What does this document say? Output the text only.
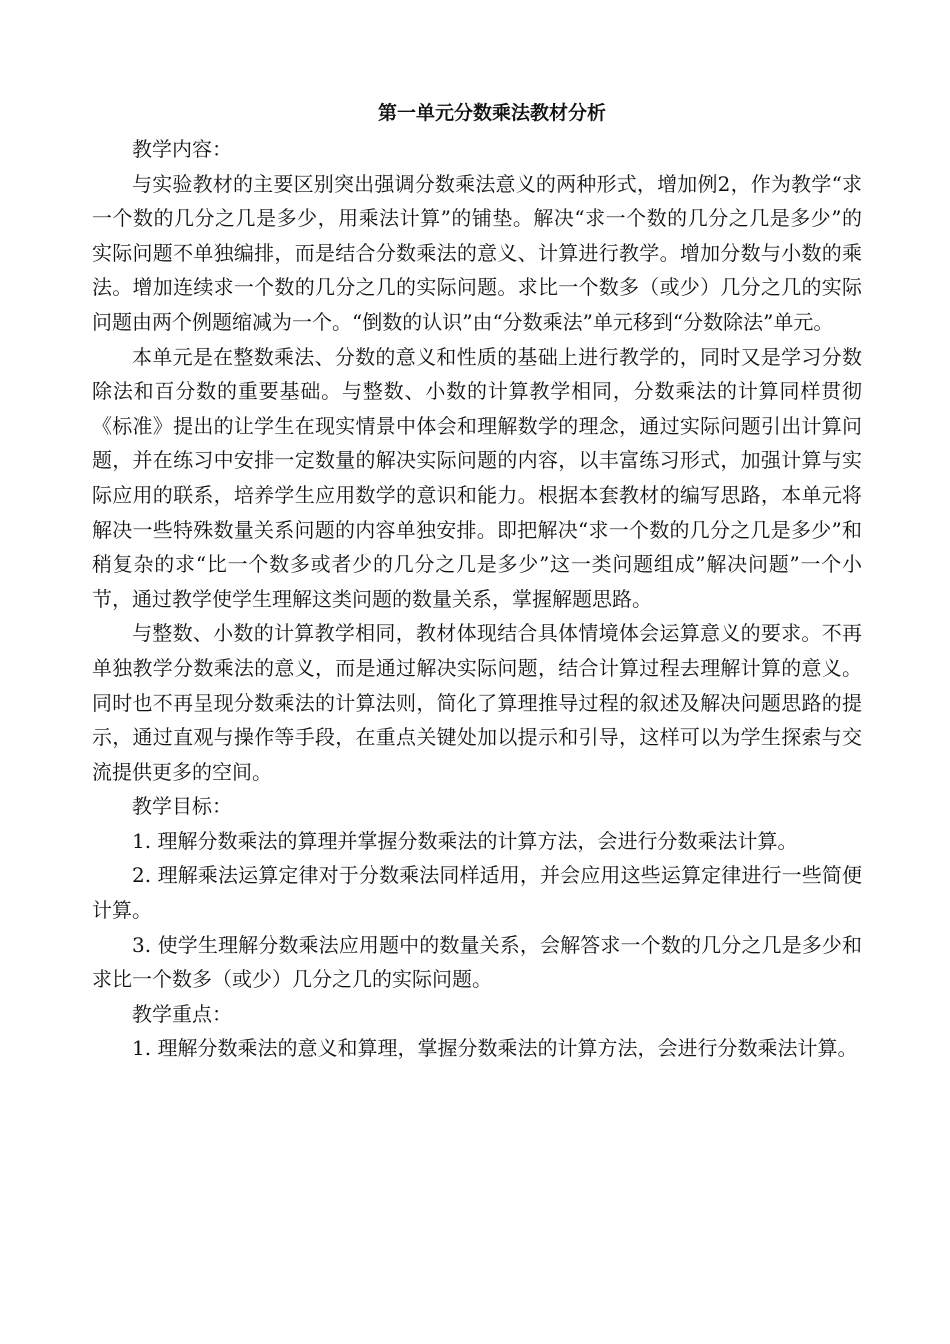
第一单元分数乘法教材分析

教学内容：

与实验教材的主要区别突出强调分数乘法意义的两种形式，增加例2，作为教学“求一个数的几分之几是多少，用乘法计算”的铺垫。解决“求一个数的几分之几是多少”的实际问题不单独编排，而是结合分数乘法的意义、计算进行教学。增加分数与小数的乘法。增加连续求一个数的几分之几的实际问题。求比一个数多（或少）几分之几的实际问题由两个例题缩减为一个。“倒数的认识”由“分数乘法”单元移到“分数除法”单元。

本单元是在整数乘法、分数的意义和性质的基础上进行教学的，同时又是学习分数除法和百分数的重要基础。与整数、小数的计算教学相同，分数乘法的计算同样贯彻《标准》提出的让学生在现实情景中体会和理解数学的理念，通过实际问题引出计算问题，并在练习中安排一定数量的解决实际问题的内容，以丰富练习形式，加强计算与实际应用的联系，培养学生应用数学的意识和能力。根据本套教材的编写思路，本单元将解决一些特殊数量关系问题的内容单独安排。即把解决“求一个数的几分之几是多少”和稍复杂的求“比一个数多或者少的几分之几是多少”这一类问题组成”解决问题”一个小节，通过教学使学生理解这类问题的数量关系，掌握解题思路。

与整数、小数的计算教学相同，教材体现结合具体情境体会运算意义的要求。不再单独教学分数乘法的意义，而是通过解决实际问题，结合计算过程去理解计算的意义。同时也不再呈现分数乘法的计算法则，简化了算理推导过程的叙述及解决问题思路的提示，通过直观与操作等手段，在重点关键处加以提示和引导，这样可以为学生探索与交流提供更多的空间。

教学目标：

1. 理解分数乘法的算理并掌握分数乘法的计算方法，会进行分数乘法计算。

2. 理解乘法运算定律对于分数乘法同样适用，并会应用这些运算定律进行一些简便计算。

3. 使学生理解分数乘法应用题中的数量关系，会解答求一个数的几分之几是多少和求比一个数多（或少）几分之几的实际问题。

教学重点：

1. 理解分数乘法的意义和算理，掌握分数乘法的计算方法，会进行分数乘法计算。
